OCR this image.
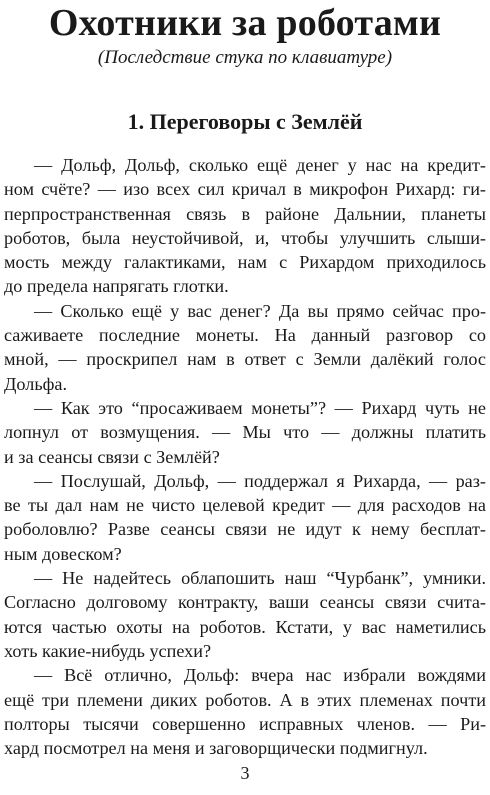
Охотники за роботами
(Последствие стука по клавиатуре)
1. Переговоры с Землёй

— Дольф, Дольф, сколько ещё денег у нас на кредит-
ном счёте? — изо всех сил кричал в микрофон Рихард: ги-
перпространственная связь в районе Дальнии, планеты
роботов, была неустойчивой, и, чтобы улучшить слыши-
мость между галактиками, нам с Рихардом приходилось
до предела напрягать глотки.

— Сколько ещё у вас денег? Да вы прямо сейчас про-
саживаете последние монеты. На данный разговор со
мной, — проскрипел нам в ответ с Земли далёкий голос
Дольфа.

— Как это “просаживаем монеты”? — Рихард чуть не
лопнул от возмущения. — Мы что — должны платить
и за сеансы связи с Землёй?

— Послушай, Дольф, — поддержал я Рихарда, — раз-
ве ты дал нам не чисто целевой кредит — для расходов на
роболовлю? Разве сеансы связи не идут к нему бесплат-
ным довеском?

— Не надейтесь облапошить наш “Чурбанк”, умники.
Согласно долговому контракту, ваши сеансы связи счита-
ются частью охоты на роботов. Кстати, у вас наметились
хоть какие-нибудь успехи?

— Всё отлично, Дольф: вчера нас избрали вождями
ещё три племени диких роботов. А в этих племенах почти
полторы тысячи совершенно исправных членов. — Ри-
хард посмотрел на меня и заговорщически подмигнул.

3
